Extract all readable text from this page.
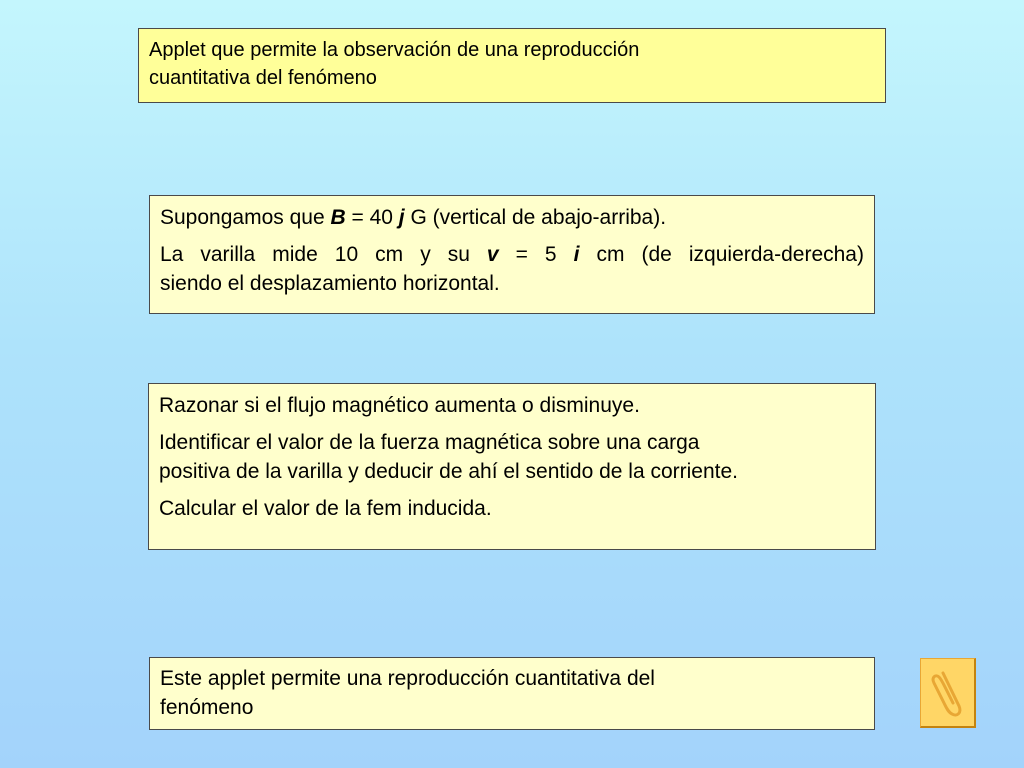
Applet que permite la observación de una reproducción

cuantitativa del fenómeno

Supongamos que B = 40 j G (vertical de abajo-arriba).

La varilla mide 10 cm y su v = 5 i cm (de izquierda-derecha)
siendo el desplazamiento horizontal.

Razonar si el flujo magnético aumenta o disminuye.

Identificar el valor de la fuerza magnética sobre una carga
positiva de la varilla y deducir de ahí el sentido de la corriente.

Calcular el valor de la fem inducida.

Este applet permite una reproducción cuantitativa del

fenómeno
